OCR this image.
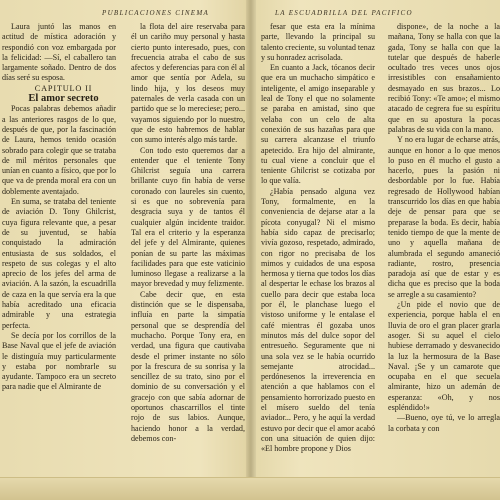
PUBLICACIONES CINEMA	LA ESCUADRILLA DEL PACIFICO

Laura juntó las manos en actitud de mística adoración y respondió con voz embargada por la felicidad: —Sí, el caballero tan largamente soñado. Dentro de dos días seré su esposa.

CAPITULO II

El amor secreto

Pocas palabras debemos añadir a las anteriores rasgos de lo que, después de que, por la fascinación de Laura, hemos tenido ocasión sobrado para colegir que se trataba de mil méritos personales que unían en cuanto a físico, que por lo que va de prenda moral era con un doblemente aventajado.

En suma, se trataba del teniente de aviación D. Tony Ghilcrist, cuya figura relevante que, a pesar de su juventud, se había conquistado la admiración entusiasta de sus soldados, el respeto de sus colegas y el alto aprecio de los jefes del arma de aviación. A la sazón, la escuadrilla de caza en la que servía era la que había acreditado una eficacia admirable y una estrategia perfecta.

Se decía por los corrillos de la Base Naval que el jefe de aviación le distinguía muy particularmente y estaba por nombrarle su ayudante. Tampoco era un secreto para nadie que el Almirante de

la flota del aire reservaba para él un cariño muy personal y hasta cierto punto interesado, pues, con frecuencia atraba el cabo de sus afectos y deferencias para con él al amor que sentía por Adela, su lindo hija, y los deseos muy paternales de verla casada con un partido que se lo mereciese; pero... vayamos siguiendo por lo nuestro, que de esto habremos de hablar con sumo interés algo más tarde.

Con todo esto queremos dar a entender que el teniente Tony Ghilcrist seguía una carrera brillante cuyo fin había de verse coronado con laureles sin cuento, si es que no sobrevenía para desgracia suya y de tantos él cualquier algún incidente traidor. Tal era el criterio y la esperanza del jefe y del Almirante, quienes ponían de su parte las máximas facilidades para que este vaticinio luminoso llegase a realizarse a la mayor brevedad y muy felizmente.

Cabe decir que, en esta distinción que se le dispensaba, influía en parte la simpatía personal que se desprendía del muchacho. Porque Tony era, en verdad, una figura que cautivaba desde el primer instante no sólo por la frescura de su sonrisa y la sencillez de su trato, sino por el dominio de su conversación y el gracejo con que sabía adornar de oportunos chascarrillos el tinte rojo de sus labios. Aunque, haciendo honor a la verdad, debemos con-

fesar que esta era la mínima parte, llevando la principal su talento creciente, su voluntad tenaz y su honradez acrisolada.

En cuanto a Jack, tócanos decir que era un muchacho simpático e inteligente, el amigo inseparable y leal de Tony el que no solamente se paraba en amistad, sino que velaba con un celo de alta conexión de sus hazañas para que su carrera alcanzase el triunfo apetecido. Era hijo del almirante, tu cual viene a concluir que el teniente Ghilcrist se cotizaba por lo que valía.

¿Había pensado alguna vez Tony, formalmente, en la conveniencia de dejarse atar a la pícota conyugal? Ni el mismo había sido capaz de precisarlo; vivía gozoso, respetado, admirado, con rigor no precisaba de los mimos y cuidados de una esposa hermosa y tierna que todos los días al despertar le echase los brazos al cuello para decir que estaba loca por él, le planchase luego el vistoso uniforme y le entalase el café mientras él gozaba unos minutos más del dulce sopor del entresueño. Seguramente que ni una sola vez se le había ocurrido semejante atrocidad... perdónesenos la irreverencia en atención a que hablamos con el pensamiento horrorizado puesto en el mísero sueldo del tenía aviador... Pero, y he aquí la verdad estuvo por decir que el amor acabó con una situación de quien dijo: «El hombre propone y Dios

dispone», de la noche a la mañana, Tony se halla con que la gada, Tony se halla con que la tutelar que después de haberle ocultado tres veces unos ojos irresistibles con ensañamiento desmayado en sus brazos... Lo recibió Tony: «Te amo»; el mismo atacado de cegrera fue su espíritu que en su apostura la pocas palabras de su vida con la mano.

Y no era lugar de echarse atrás, aunque en honor a lo que menos lo puso en él mucho el gusto a hacerlo, pues la pasión ni desbordable por lo fue. Había regresado de Hollywood habían transcurrido los días en que había deje de pensar para que se preparase la boda. Es decir, había tenido tiempo de que la mente de uno y aquella mañana de alumbrada el segundo amaneció radiante, rostro, presencia paradoja así que de estar y es dicha que es preciso que la boda se arregle a su casamiento?

¿Un pide el novio que de experiencia, porque habla el en lluvia de oro el gran placer grarla asoger. Si su aquel el cielo hubiese derramado y desvanecido la luz la hermosura de la Base Naval. ¡Se y un camarote que ocupaba en el que secuela almirante, hizo un ademán de esperanza: «Oh, y nos espléndido!»

—Bueno, oye tú, ve lo arregla la corbata y con
